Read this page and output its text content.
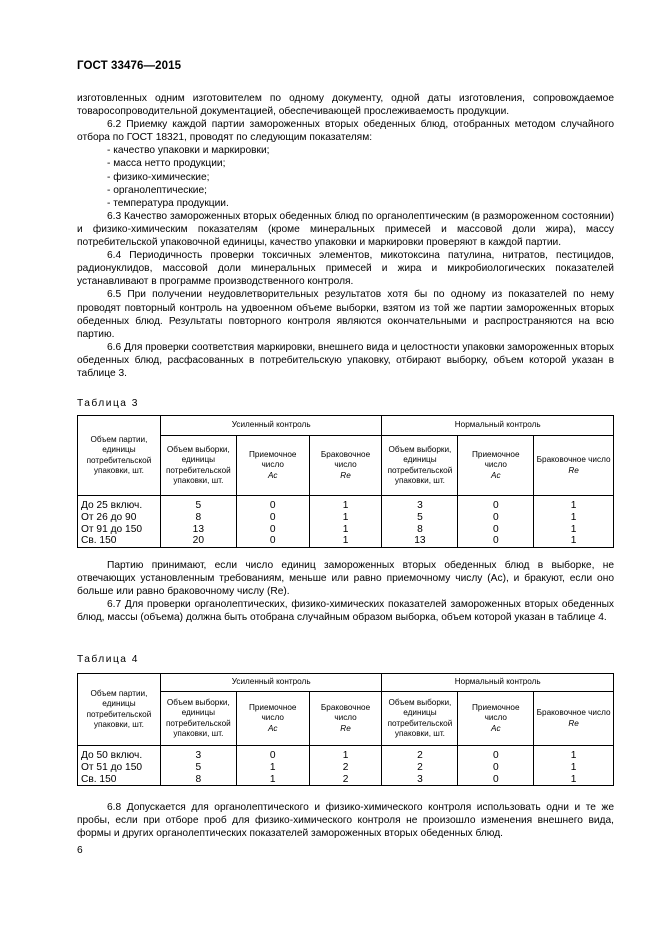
ГОСТ 33476—2015

изготовленных одним изготовителем по одному документу, одной даты изготовления, сопровождаемое товаросопроводительной документацией, обеспечивающей прослеживаемость продукции.

6.2 Приемку каждой партии замороженных вторых обеденных блюд, отобранных методом случайного отбора по ГОСТ 18321, проводят по следующим показателям:

- качество упаковки и маркировки;

- масса нетто продукции;

- физико-химические;

- органолептические;

- температура продукции.

6.3 Качество замороженных вторых обеденных блюд по органолептическим (в размороженном состоянии) и физико-химическим показателям (кроме минеральных примесей и массовой доли жира), массу потребительской упаковочной единицы, качество упаковки и маркировки проверяют в каждой партии.

6.4 Периодичность проверки токсичных элементов, микотоксина патулина, нитратов, пестицидов, радионуклидов, массовой доли минеральных примесей и жира и микробиологических показателей устанавливают в программе производственного контроля.

6.5 При получении неудовлетворительных результатов хотя бы по одному из показателей по нему проводят повторный контроль на удвоенном объеме выборки, взятом из той же партии замороженных вторых обеденных блюд. Результаты повторного контроля являются окончательными и распространяются на всю партию.

6.6 Для проверки соответствия маркировки, внешнего вида и целостности упаковки замороженных вторых обеденных блюд, расфасованных в потребительскую упаковку, отбирают выборку, объем которой указан в таблице 3.

Таблица 3
Объем партии, единицы потребительской упаковки, шт.	Усиленный контроль			Нормальный контроль		
	Объем выборки, единицы потребительской упаковки, шт.	Приемочное число
Ac	Браковочное число
Re	Объем выборки, единицы потребительской упаковки, шт.	Приемочное число
Ac	Браковочное число
Re
До 25 включ.	5	0	1	3	0	1
От 26 до 90	8	0	1	5	0	1
От 91 до 150	13	0	1	8	0	1
Св. 150	20	0	1	13	0	1

Партию принимают, если число единиц замороженных вторых обеденных блюд в выборке, не отвечающих установленным требованиям, меньше или равно приемочному числу (Ac), и бракуют, если оно больше или равно браковочному числу (Re).

6.7 Для проверки органолептических, физико-химических показателей замороженных вторых обеденных блюд, массы (объема) должна быть отобрана случайным образом выборка, объем которой указан в таблице 4.

Таблица 4
Объем партии, единицы потребительской упаковки, шт.	Усиленный контроль			Нормальный контроль		
	Объем выборки, единицы потребительской упаковки, шт.	Приемочное число
Ac	Браковочное число
Re	Объем выборки, единицы потребительской упаковки, шт.	Приемочное число
Ac	Браковочное число
Re
До 50 включ.	3	0	1	2	0	1
От 51 до 150	5	1	2	2	0	1
Св. 150	8	1	2	3	0	1

6.8 Допускается для органолептического и физико-химического контроля использовать одни и те же пробы, если при отборе проб для физико-химического контроля не произошло изменения внешнего вида, формы и других органолептических показателей замороженных вторых обеденных блюд.

6
